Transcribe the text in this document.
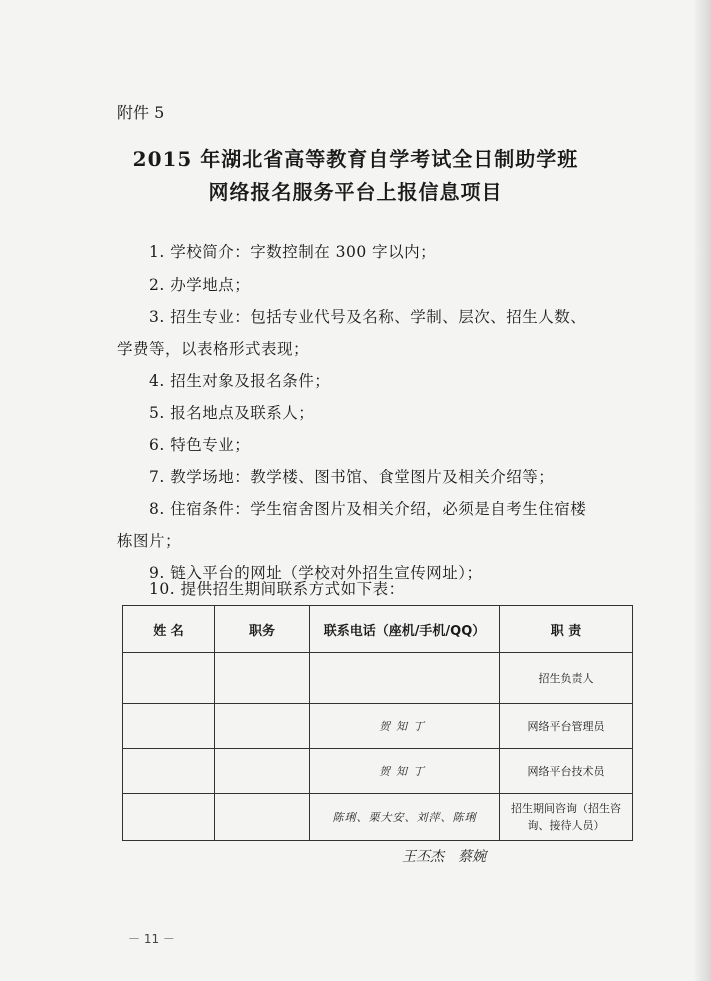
附件 5
2015 年湖北省高等教育自学考试全日制助学班
网络报名服务平台上报信息项目
1. 学校简介：字数控制在 300 字以内；
2. 办学地点；
3. 招生专业：包括专业代号及名称、学制、层次、招生人数、
学费等，以表格形式表现；
4. 招生对象及报名条件；
5. 报名地点及联系人；
6. 特色专业；
7. 教学场地：教学楼、图书馆、食堂图片及相关介绍等；
8. 住宿条件：学生宿舍图片及相关介绍，必须是自考生住宿楼
栋图片；
9. 链入平台的网址（学校对外招生宣传网址）；
10. 提供招生期间联系方式如下表：
姓 名	职务	联系电话（座机/手机/QQ）	职 责
			招生负责人
		贺知丁	网络平台管理员
		贺知丁	网络平台技术员
		陈琍、栗大安、刘萍、陈琍	招生期间咨询（招生咨询、接待人员）
王丕杰　蔡婉
－ 11 －
